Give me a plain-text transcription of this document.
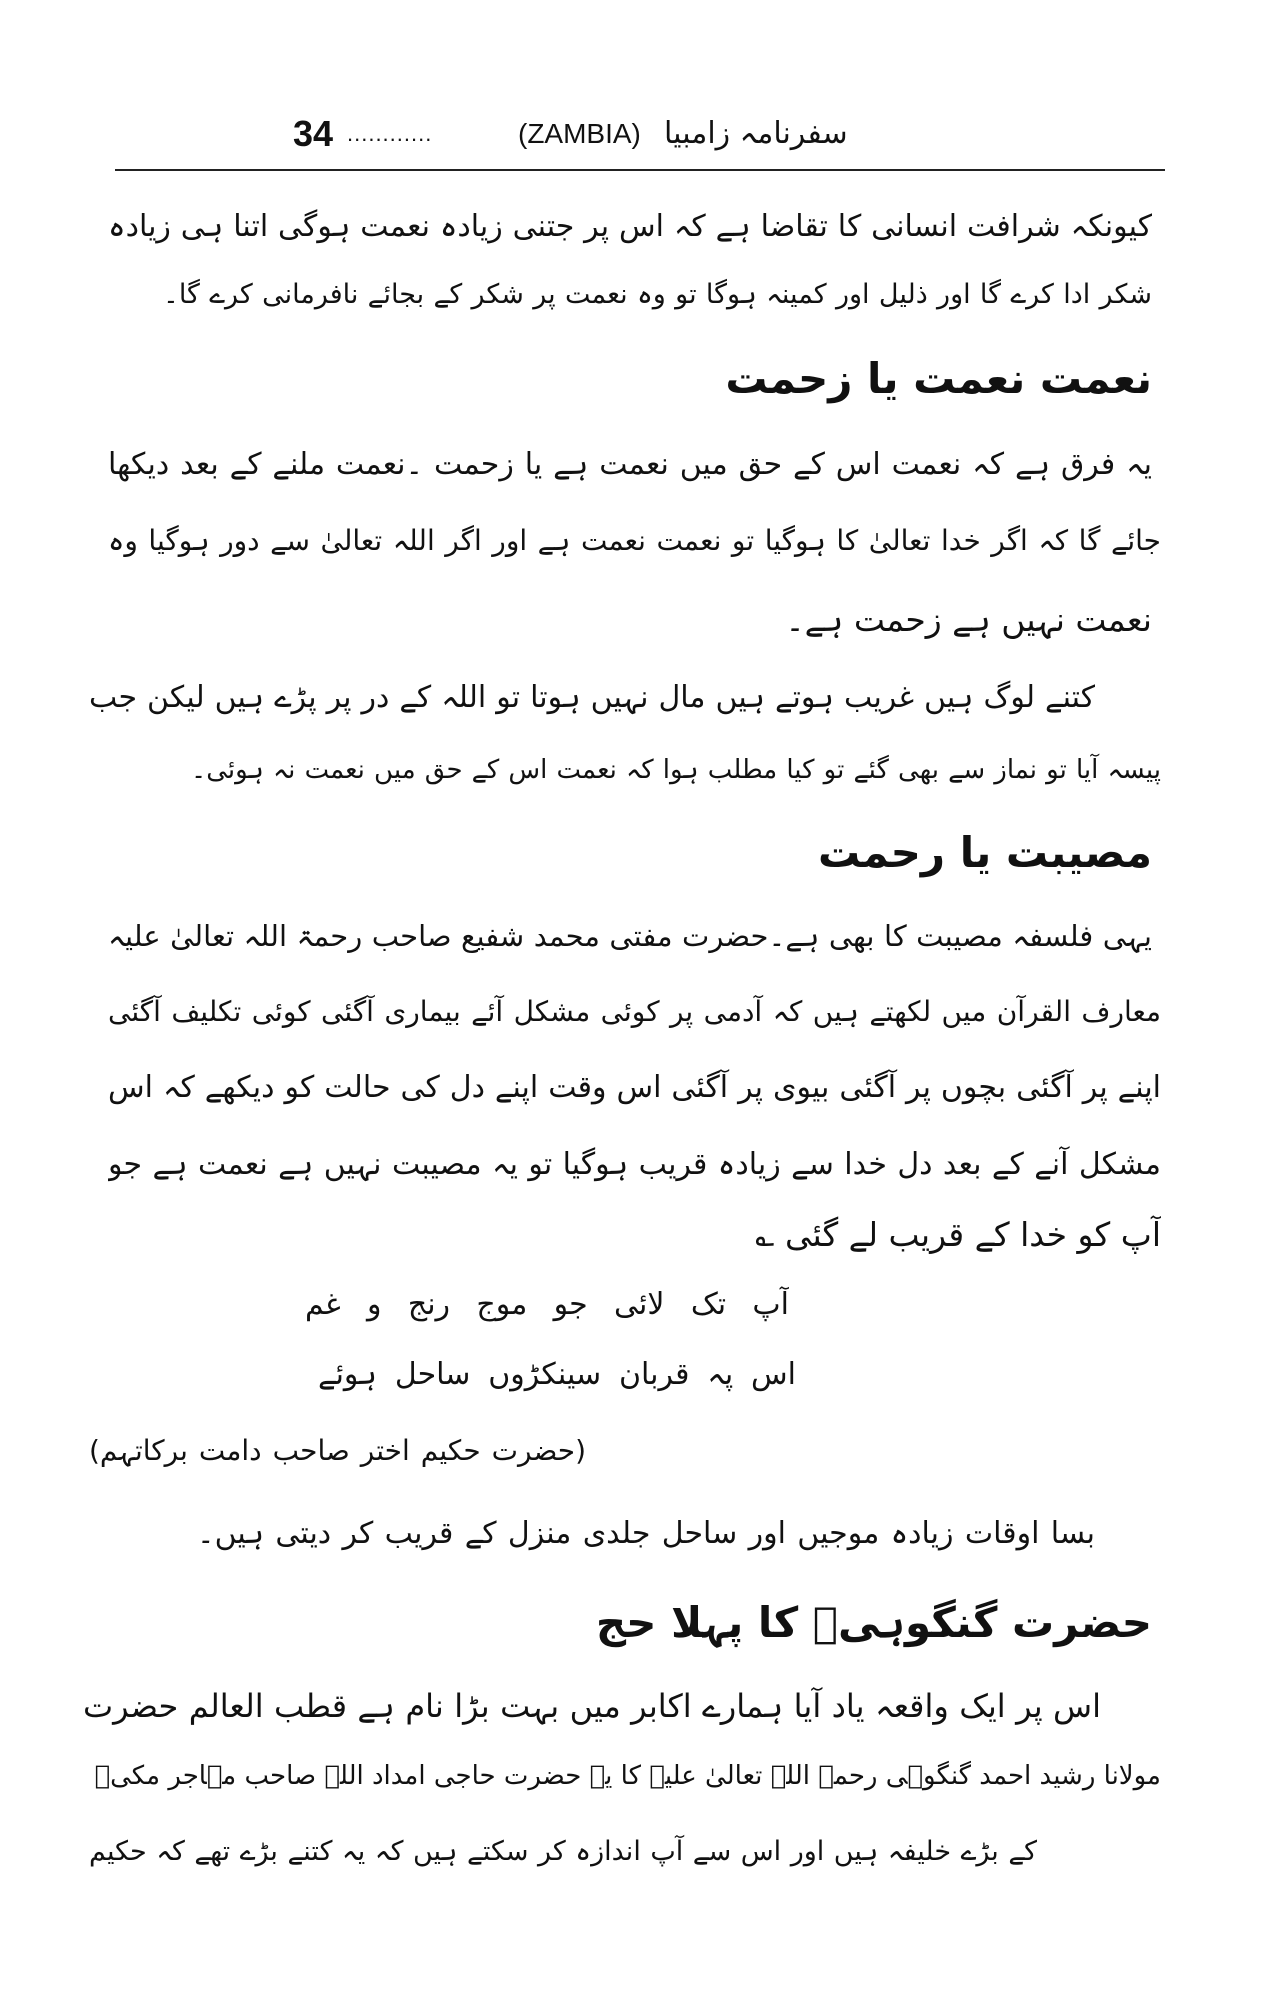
34 ............	(ZAMBIA) سفرنامہ زامبیا
کیونکہ شرافت انسانی کا تقاضا ہے کہ اس پر جتنی زیادہ نعمت ہوگی اتنا ہی زیادہ
شکر ادا کرے گا اور ذلیل اور کمینہ ہوگا تو وہ نعمت پر شکر کے بجائے نافرمانی کرے گا۔
نعمت نعمت یا زحمت
یہ فرق ہے کہ نعمت اس کے حق میں نعمت ہے یا زحمت ۔نعمت ملنے کے بعد دیکھا
جائے گا کہ اگر خدا تعالیٰ کا ہوگیا تو نعمت نعمت ہے اور اگر اللہ تعالیٰ سے دور ہوگیا وہ
نعمت نہیں ہے زحمت ہے۔
کتنے لوگ ہیں غریب ہوتے ہیں مال نہیں ہوتا تو اللہ کے در پر پڑے ہیں لیکن جب
پیسہ آیا تو نماز سے بھی گئے تو کیا مطلب ہوا کہ نعمت اس کے حق میں نعمت نہ ہوئی۔
مصیبت یا رحمت
یہی فلسفہ مصیبت کا بھی ہے۔حضرت مفتی محمد شفیع صاحب رحمۃ اللہ تعالیٰ علیہ
معارف القرآن میں لکھتے ہیں کہ آدمی پر کوئی مشکل آئے بیماری آگئی کوئی تکلیف آگئی
اپنے پر آگئی بچوں پر آگئی بیوی پر آگئی اس وقت اپنے دل کی حالت کو دیکھے کہ اس
مشکل آنے کے بعد دل خدا سے زیادہ قریب ہوگیا تو یہ مصیبت نہیں ہے نعمت ہے جو
آپ کو خدا کے قریب لے گئی ؎
آپ تک لائی جو موج رنج و غم
اس پہ قربان سینکڑوں ساحل ہوئے
(حضرت حکیم اختر صاحب دامت برکاتہم)
بسا اوقات زیادہ موجیں اور ساحل جلدی منزل کے قریب کر دیتی ہیں۔
حضرت گنگوہیؒ کا پہلا حج
اس پر ایک واقعہ یاد آیا ہمارے اکابر میں بہت بڑا نام ہے قطب العالم حضرت
مولانا رشید احمد گنگوہی رحمۃ اللہ تعالیٰ علیہ کا یہ حضرت حاجی امداد اللہ صاحب مہاجر مکیؒ
کے بڑے خلیفہ ہیں اور اس سے آپ اندازہ کر سکتے ہیں کہ یہ کتنے بڑے تھے کہ حکیم
